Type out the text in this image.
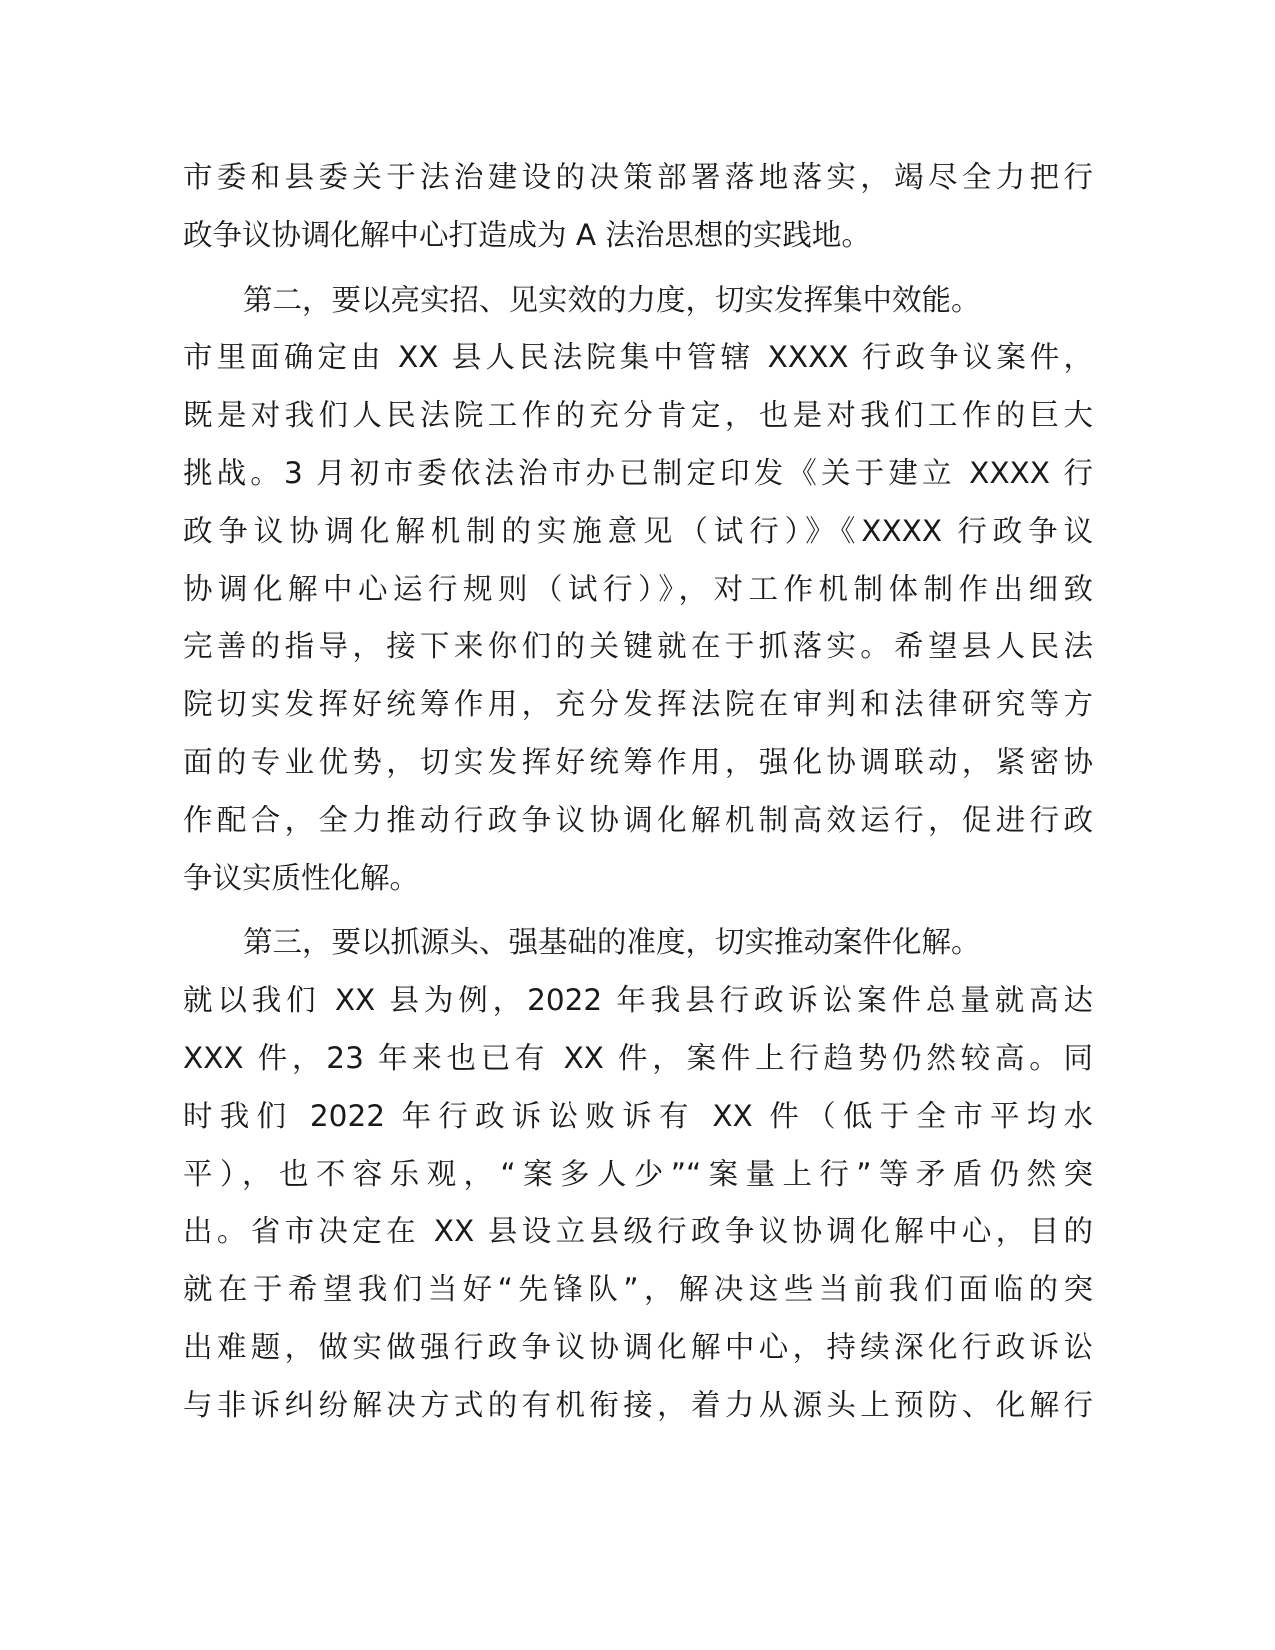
市委和县委关于法治建设的决策部署落地落实，竭尽全力把行
政争议协调化解中心打造成为 A 法治思想的实践地。
第二，要以亮实招、见实效的力度，切实发挥集中效能。
市里面确定由 XX 县人民法院集中管辖 XXXX 行政争议案件，
既是对我们人民法院工作的充分肯定，也是对我们工作的巨大
挑战。3 月初市委依法治市办已制定印发《关于建立 XXXX 行
政争议协调化解机制的实施意见（试行）》《XXXX 行政争议
协调化解中心运行规则（试行）》，对工作机制体制作出细致
完善的指导，接下来你们的关键就在于抓落实。希望县人民法
院切实发挥好统筹作用，充分发挥法院在审判和法律研究等方
面的专业优势，切实发挥好统筹作用，强化协调联动，紧密协
作配合，全力推动行政争议协调化解机制高效运行，促进行政
争议实质性化解。
第三，要以抓源头、强基础的准度，切实推动案件化解。
就以我们 XX 县为例，2022 年我县行政诉讼案件总量就高达
XXX 件，23 年来也已有 XX 件，案件上行趋势仍然较高。同
时我们 2022 年行政诉讼败诉有 XX 件（低于全市平均水
平），也不容乐观，“案多人少”“案量上行”等矛盾仍然突
出。省市决定在 XX 县设立县级行政争议协调化解中心，目的
就在于希望我们当好“先锋队”，解决这些当前我们面临的突
出难题，做实做强行政争议协调化解中心，持续深化行政诉讼
与非诉纠纷解决方式的有机衔接，着力从源头上预防、化解行
